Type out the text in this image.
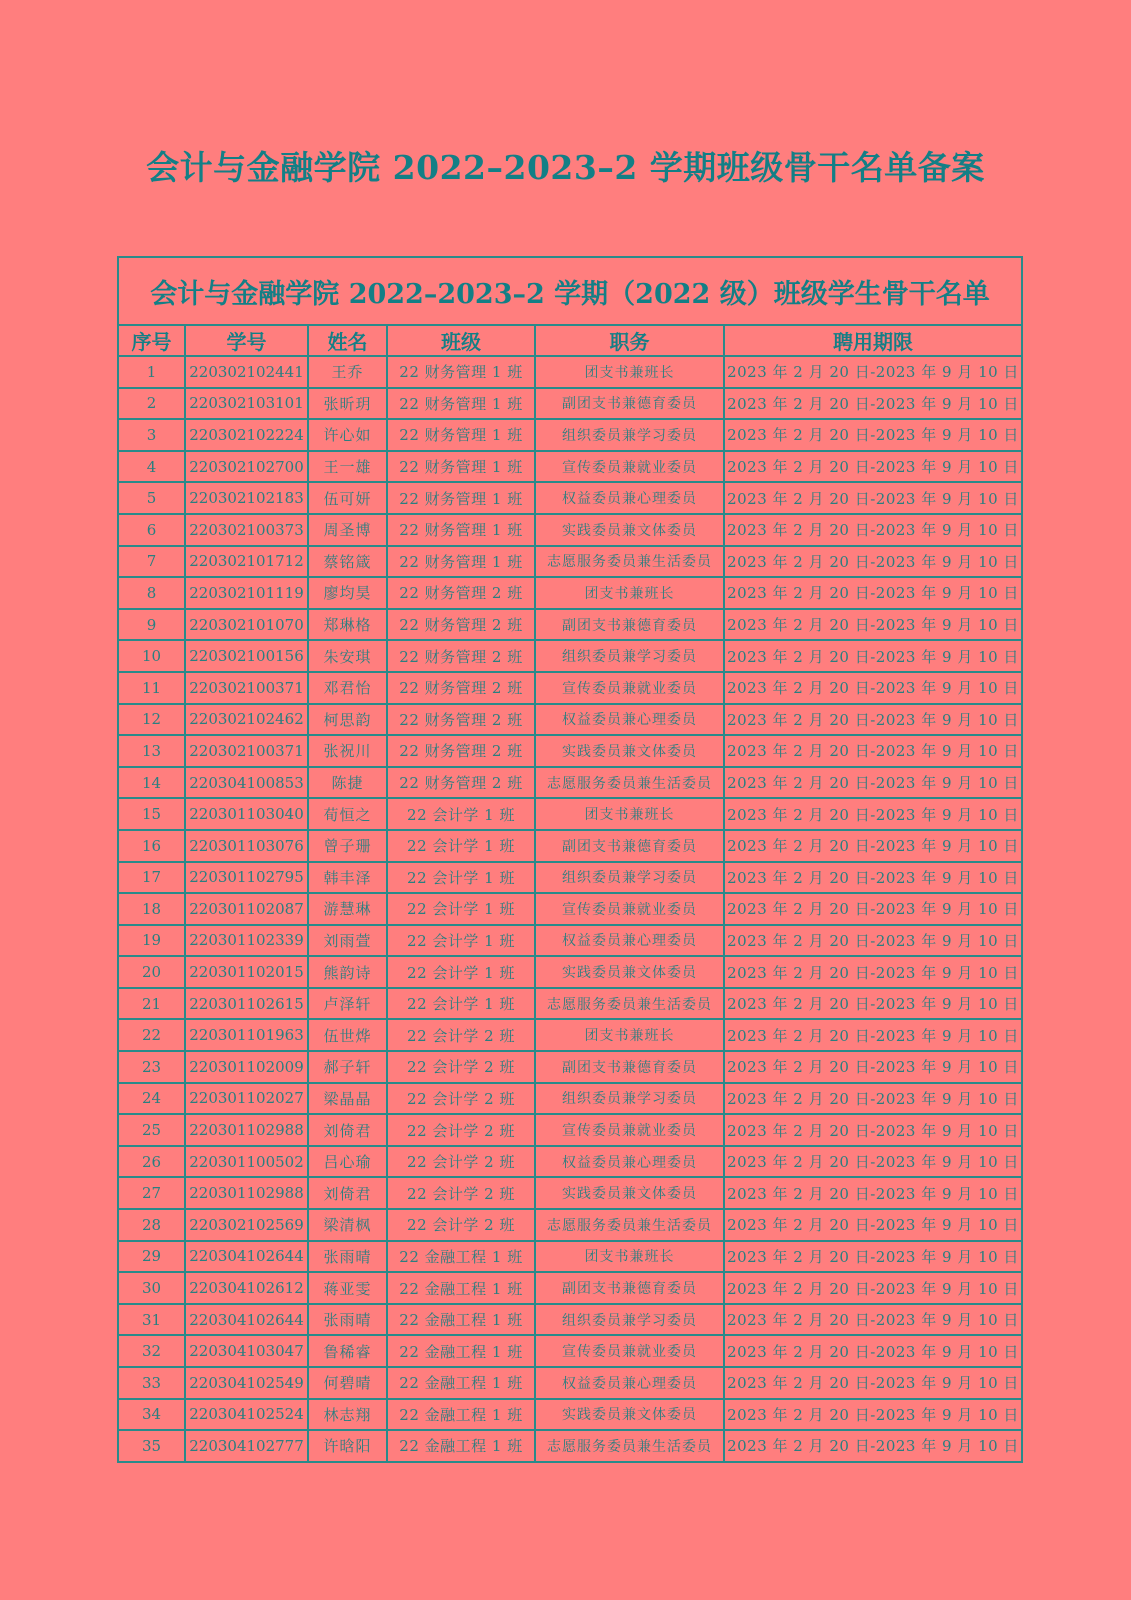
会计与金融学院 2022–2023–2 学期班级骨干名单备案
会计与金融学院 2022–2023–2 学期（2022 级）班级学生骨干名单					
序号	学号	姓名	班级	职务	聘用期限
1	220302102441	王乔	22 财务管理 1 班	团支书兼班长	2023 年 2 月 20 日-2023 年 9 月 10 日
2	220302103101	张昕玥	22 财务管理 1 班	副团支书兼德育委员	2023 年 2 月 20 日-2023 年 9 月 10 日
3	220302102224	许心如	22 财务管理 1 班	组织委员兼学习委员	2023 年 2 月 20 日-2023 年 9 月 10 日
4	220302102700	王一雄	22 财务管理 1 班	宣传委员兼就业委员	2023 年 2 月 20 日-2023 年 9 月 10 日
5	220302102183	伍可妍	22 财务管理 1 班	权益委员兼心理委员	2023 年 2 月 20 日-2023 年 9 月 10 日
6	220302100373	周圣博	22 财务管理 1 班	实践委员兼文体委员	2023 年 2 月 20 日-2023 年 9 月 10 日
7	220302101712	蔡铭箴	22 财务管理 1 班	志愿服务委员兼生活委员	2023 年 2 月 20 日-2023 年 9 月 10 日
8	220302101119	廖均昊	22 财务管理 2 班	团支书兼班长	2023 年 2 月 20 日-2023 年 9 月 10 日
9	220302101070	郑琳格	22 财务管理 2 班	副团支书兼德育委员	2023 年 2 月 20 日-2023 年 9 月 10 日
10	220302100156	朱安琪	22 财务管理 2 班	组织委员兼学习委员	2023 年 2 月 20 日-2023 年 9 月 10 日
11	220302100371	邓君怡	22 财务管理 2 班	宣传委员兼就业委员	2023 年 2 月 20 日-2023 年 9 月 10 日
12	220302102462	柯思韵	22 财务管理 2 班	权益委员兼心理委员	2023 年 2 月 20 日-2023 年 9 月 10 日
13	220302100371	张祝川	22 财务管理 2 班	实践委员兼文体委员	2023 年 2 月 20 日-2023 年 9 月 10 日
14	220304100853	陈捷	22 财务管理 2 班	志愿服务委员兼生活委员	2023 年 2 月 20 日-2023 年 9 月 10 日
15	220301103040	荀恒之	22 会计学 1 班	团支书兼班长	2023 年 2 月 20 日-2023 年 9 月 10 日
16	220301103076	曾子珊	22 会计学 1 班	副团支书兼德育委员	2023 年 2 月 20 日-2023 年 9 月 10 日
17	220301102795	韩丰泽	22 会计学 1 班	组织委员兼学习委员	2023 年 2 月 20 日-2023 年 9 月 10 日
18	220301102087	游慧琳	22 会计学 1 班	宣传委员兼就业委员	2023 年 2 月 20 日-2023 年 9 月 10 日
19	220301102339	刘雨萱	22 会计学 1 班	权益委员兼心理委员	2023 年 2 月 20 日-2023 年 9 月 10 日
20	220301102015	熊韵诗	22 会计学 1 班	实践委员兼文体委员	2023 年 2 月 20 日-2023 年 9 月 10 日
21	220301102615	卢泽轩	22 会计学 1 班	志愿服务委员兼生活委员	2023 年 2 月 20 日-2023 年 9 月 10 日
22	220301101963	伍世烨	22 会计学 2 班	团支书兼班长	2023 年 2 月 20 日-2023 年 9 月 10 日
23	220301102009	郝子轩	22 会计学 2 班	副团支书兼德育委员	2023 年 2 月 20 日-2023 年 9 月 10 日
24	220301102027	梁晶晶	22 会计学 2 班	组织委员兼学习委员	2023 年 2 月 20 日-2023 年 9 月 10 日
25	220301102988	刘倚君	22 会计学 2 班	宣传委员兼就业委员	2023 年 2 月 20 日-2023 年 9 月 10 日
26	220301100502	吕心瑜	22 会计学 2 班	权益委员兼心理委员	2023 年 2 月 20 日-2023 年 9 月 10 日
27	220301102988	刘倚君	22 会计学 2 班	实践委员兼文体委员	2023 年 2 月 20 日-2023 年 9 月 10 日
28	220302102569	梁清枫	22 会计学 2 班	志愿服务委员兼生活委员	2023 年 2 月 20 日-2023 年 9 月 10 日
29	220304102644	张雨晴	22 金融工程 1 班	团支书兼班长	2023 年 2 月 20 日-2023 年 9 月 10 日
30	220304102612	蒋亚雯	22 金融工程 1 班	副团支书兼德育委员	2023 年 2 月 20 日-2023 年 9 月 10 日
31	220304102644	张雨晴	22 金融工程 1 班	组织委员兼学习委员	2023 年 2 月 20 日-2023 年 9 月 10 日
32	220304103047	鲁稀睿	22 金融工程 1 班	宣传委员兼就业委员	2023 年 2 月 20 日-2023 年 9 月 10 日
33	220304102549	何碧晴	22 金融工程 1 班	权益委员兼心理委员	2023 年 2 月 20 日-2023 年 9 月 10 日
34	220304102524	林志翔	22 金融工程 1 班	实践委员兼文体委员	2023 年 2 月 20 日-2023 年 9 月 10 日
35	220304102777	许晗阳	22 金融工程 1 班	志愿服务委员兼生活委员	2023 年 2 月 20 日-2023 年 9 月 10 日
